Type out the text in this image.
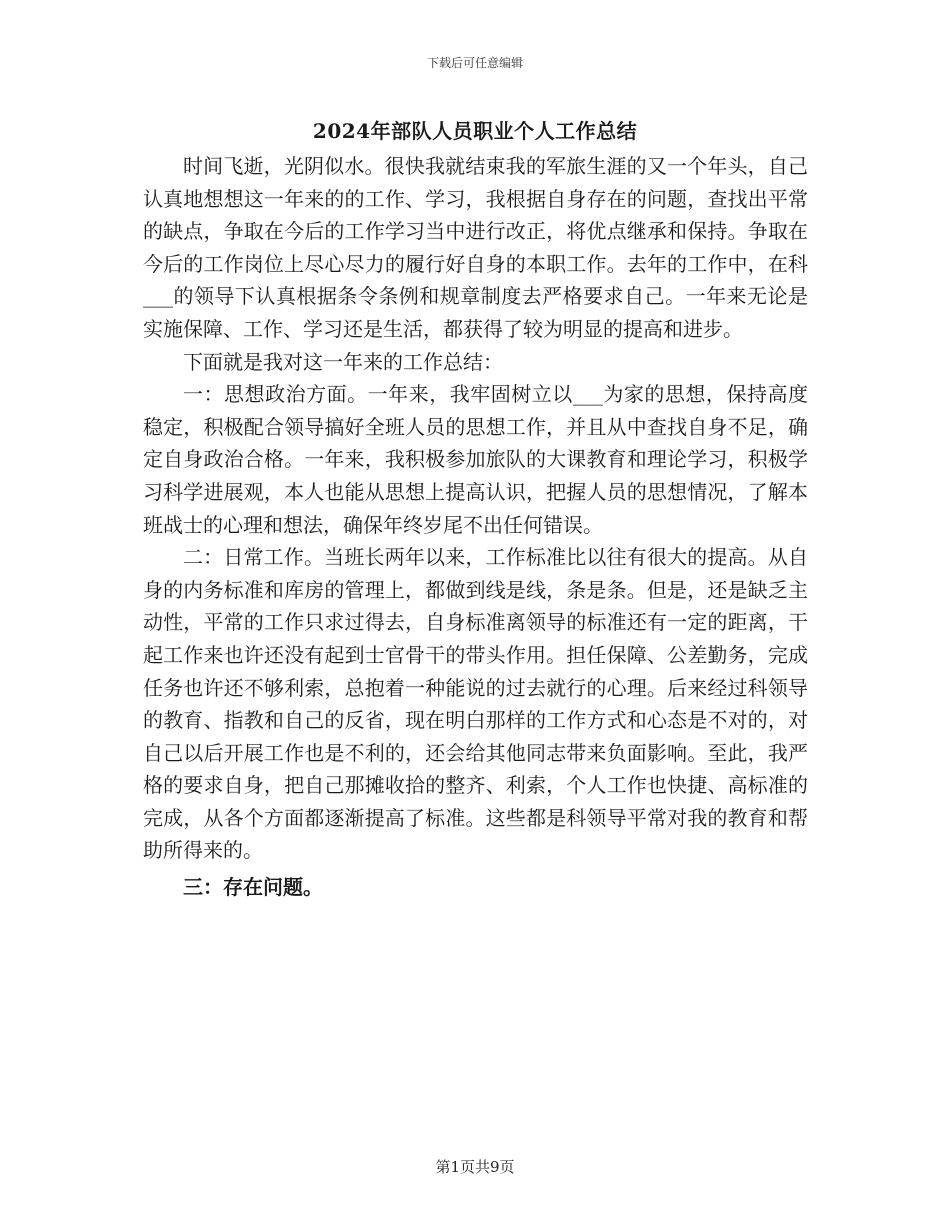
下载后可任意编辑
2024年部队人员职业个人工作总结

时间飞逝，光阴似水。很快我就结束我的军旅生涯的又一个年头，自己认真地想想这一年来的的工作、学习，我根据自身存在的问题，查找出平常的缺点，争取在今后的工作学习当中进行改正，将优点继承和保持。争取在今后的工作岗位上尽心尽力的履行好自身的本职工作。去年的工作中，在科___的领导下认真根据条令条例和规章制度去严格要求自己。一年来无论是实施保障、工作、学习还是生活，都获得了较为明显的提高和进步。

下面就是我对这一年来的工作总结：

一：思想政治方面。一年来，我牢固树立以___为家的思想，保持高度稳定，积极配合领导搞好全班人员的思想工作，并且从中查找自身不足，确定自身政治合格。一年来，我积极参加旅队的大课教育和理论学习，积极学习科学进展观，本人也能从思想上提高认识，把握人员的思想情况，了解本班战士的心理和想法，确保年终岁尾不出任何错误。

二：日常工作。当班长两年以来，工作标准比以往有很大的提高。从自身的内务标准和库房的管理上，都做到线是线，条是条。但是，还是缺乏主动性，平常的工作只求过得去，自身标准离领导的标准还有一定的距离，干起工作来也许还没有起到士官骨干的带头作用。担任保障、公差勤务，完成任务也许还不够利索，总抱着一种能说的过去就行的心理。后来经过科领导的教育、指教和自己的反省，现在明白那样的工作方式和心态是不对的，对自己以后开展工作也是不利的，还会给其他同志带来负面影响。至此，我严格的要求自身，把自己那摊收拾的整齐、利索，个人工作也快捷、高标准的完成，从各个方面都逐渐提高了标准。这些都是科领导平常对我的教育和帮助所得来的。

三：存在问题。
第1页共9页
